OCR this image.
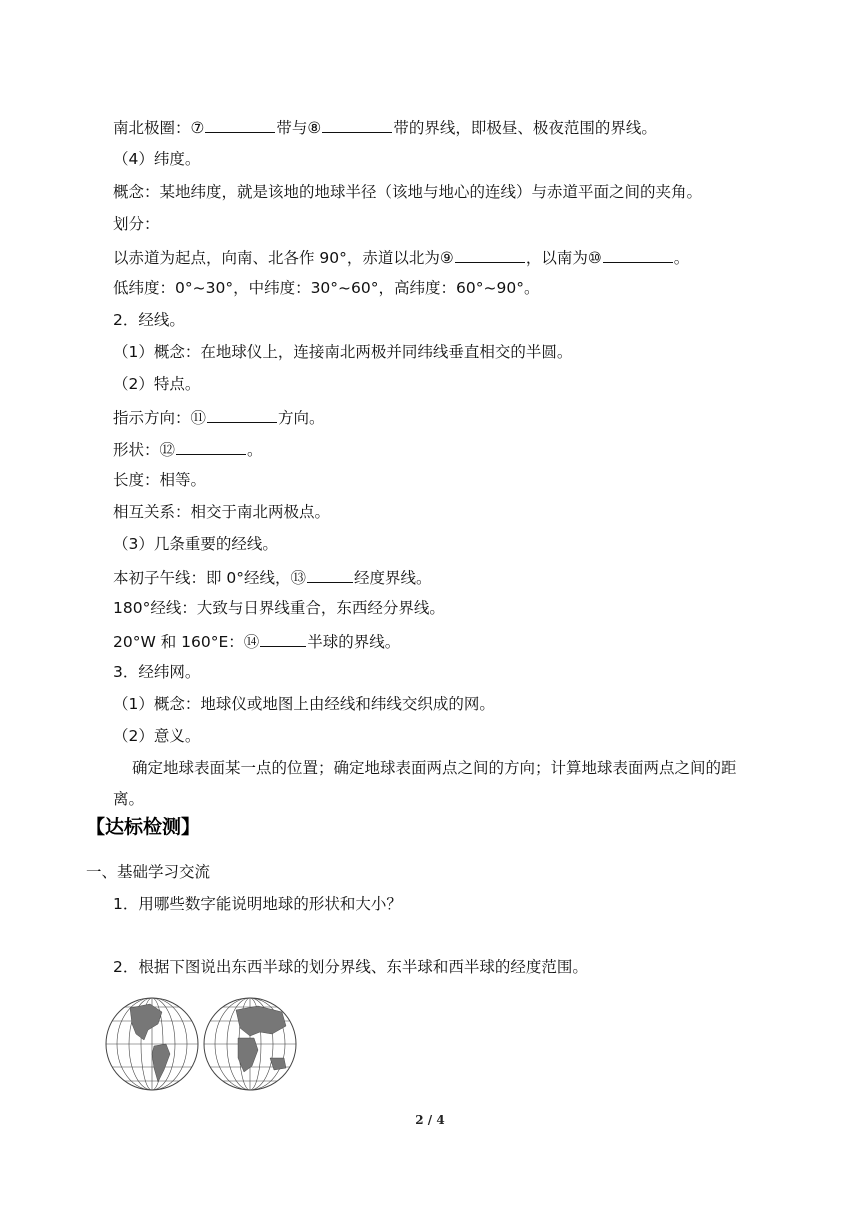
南北极圈：⑦	带与⑧	带的界线，即极昼、极夜范围的界线。
（4）纬度。
概念：某地纬度，就是该地的地球半径（该地与地心的连线）与赤道平面之间的夹角。
划分：
以赤道为起点，向南、北各作 90°，赤道以北为⑨	，以南为⑩	。
低纬度：0°~30°，中纬度：30°~60°，高纬度：60°~90°。
2．经线。
（1）概念：在地球仪上，连接南北两极并同纬线垂直相交的半圆。
（2）特点。
指示方向：⑪	方向。
形状：⑫	。
长度：相等。
相互关系：相交于南北两极点。
（3）几条重要的经线。
本初子午线：即 0°经线，⑬	经度界线。
180°经线：大致与日界线重合，东西经分界线。
20°W 和 160°E：⑭	半球的界线。
3．经纬网。
（1）概念：地球仪或地图上由经线和纬线交织成的网。
（2）意义。
确定地球表面某一点的位置；确定地球表面两点之间的方向；计算地球表面两点之间的距
离。
【达标检测】
一、基础学习交流
1．用哪些数字能说明地球的形状和大小？
2．根据下图说出东西半球的划分界线、东半球和西半球的经度范围。
2 / 4
